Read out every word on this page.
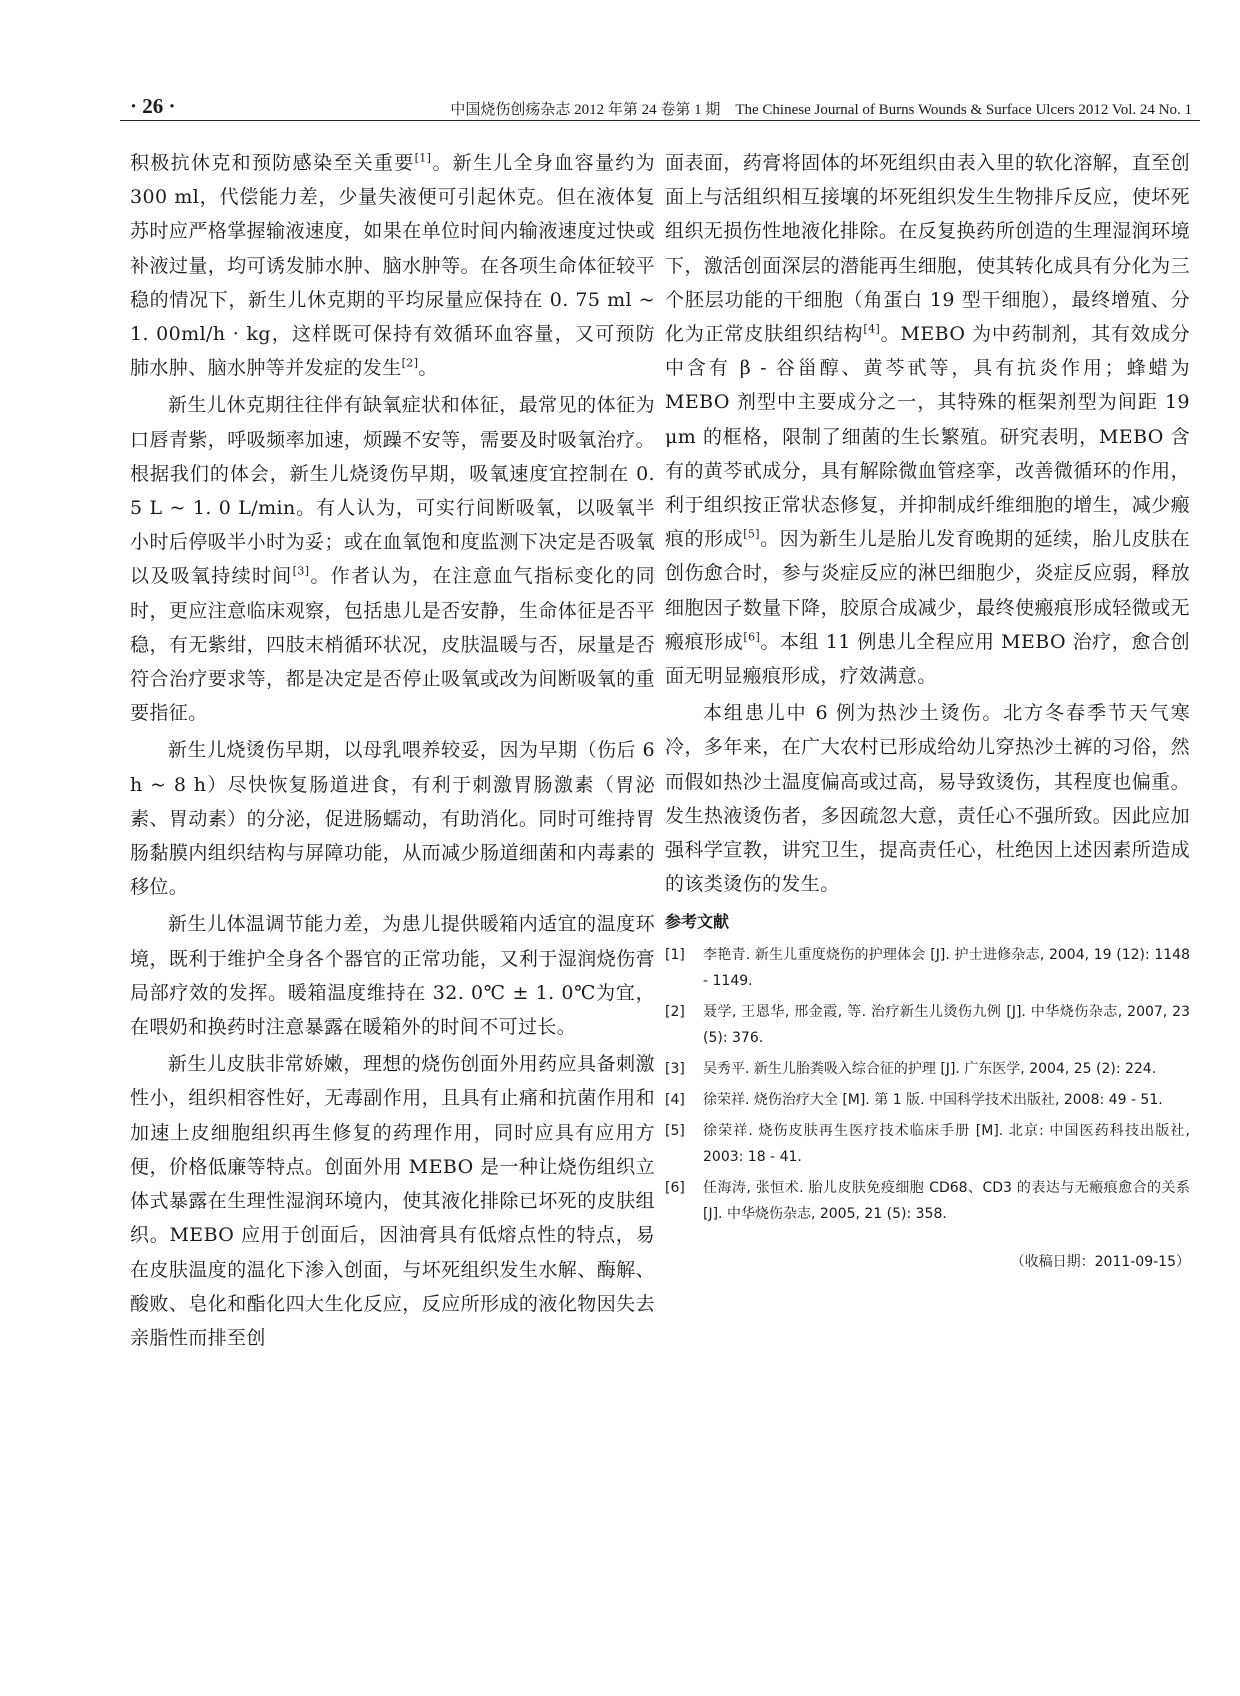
· 26 ·	中国烧伤创疡杂志 2012 年第 24 卷第 1 期　The Chinese Journal of Burns Wounds & Surface Ulcers 2012 Vol. 24 No. 1

积极抗休克和预防感染至关重要[1]。新生儿全身血容量约为 300 ml，代偿能力差，少量失液便可引起休克。但在液体复苏时应严格掌握输液速度，如果在单位时间内输液速度过快或补液过量，均可诱发肺水肿、脑水肿等。在各项生命体征较平稳的情况下，新生儿休克期的平均尿量应保持在 0. 75 ml ~ 1. 00ml/h · kg，这样既可保持有效循环血容量，又可预防肺水肿、脑水肿等并发症的发生[2]。

新生儿休克期往往伴有缺氧症状和体征，最常见的体征为口唇青紫，呼吸频率加速，烦躁不安等，需要及时吸氧治疗。根据我们的体会，新生儿烧烫伤早期，吸氧速度宜控制在 0. 5 L ~ 1. 0 L/min。有人认为，可实行间断吸氧，以吸氧半小时后停吸半小时为妥；或在血氧饱和度监测下决定是否吸氧以及吸氧持续时间[3]。作者认为，在注意血气指标变化的同时，更应注意临床观察，包括患儿是否安静，生命体征是否平稳，有无紫绀，四肢末梢循环状况，皮肤温暖与否，尿量是否符合治疗要求等，都是决定是否停止吸氧或改为间断吸氧的重要指征。

新生儿烧烫伤早期，以母乳喂养较妥，因为早期（伤后 6 h ~ 8 h）尽快恢复肠道进食，有利于刺激胃肠激素（胃泌素、胃动素）的分泌，促进肠蠕动，有助消化。同时可维持胃肠黏膜内组织结构与屏障功能，从而减少肠道细菌和内毒素的移位。

新生儿体温调节能力差，为患儿提供暖箱内适宜的温度环境，既利于维护全身各个器官的正常功能，又利于湿润烧伤膏局部疗效的发挥。暖箱温度维持在 32. 0℃ ± 1. 0℃为宜，在喂奶和换药时注意暴露在暖箱外的时间不可过长。

新生儿皮肤非常娇嫩，理想的烧伤创面外用药应具备刺激性小，组织相容性好，无毒副作用，且具有止痛和抗菌作用和加速上皮细胞组织再生修复的药理作用，同时应具有应用方便，价格低廉等特点。创面外用 MEBO 是一种让烧伤组织立体式暴露在生理性湿润环境内，使其液化排除已坏死的皮肤组织。MEBO 应用于创面后，因油膏具有低熔点性的特点，易在皮肤温度的温化下渗入创面，与坏死组织发生水解、酶解、酸败、皂化和酯化四大生化反应，反应所形成的液化物因失去亲脂性而排至创

面表面，药膏将固体的坏死组织由表入里的软化溶解，直至创面上与活组织相互接壤的坏死组织发生生物排斥反应，使坏死组织无损伤性地液化排除。在反复换药所创造的生理湿润环境下，激活创面深层的潜能再生细胞，使其转化成具有分化为三个胚层功能的干细胞（角蛋白 19 型干细胞），最终增殖、分化为正常皮肤组织结构[4]。MEBO 为中药制剂，其有效成分中含有 β - 谷甾醇、黄芩甙等，具有抗炎作用；蜂蜡为 MEBO 剂型中主要成分之一，其特殊的框架剂型为间距 19 μm 的框格，限制了细菌的生长繁殖。研究表明，MEBO 含有的黄芩甙成分，具有解除微血管痉挛，改善微循环的作用，利于组织按正常状态修复，并抑制成纤维细胞的增生，减少瘢痕的形成[5]。因为新生儿是胎儿发育晚期的延续，胎儿皮肤在创伤愈合时，参与炎症反应的淋巴细胞少，炎症反应弱，释放细胞因子数量下降，胶原合成减少，最终使瘢痕形成轻微或无瘢痕形成[6]。本组 11 例患儿全程应用 MEBO 治疗，愈合创面无明显瘢痕形成，疗效满意。

本组患儿中 6 例为热沙土烫伤。北方冬春季节天气寒冷，多年来，在广大农村已形成给幼儿穿热沙土裤的习俗，然而假如热沙土温度偏高或过高，易导致烫伤，其程度也偏重。发生热液烫伤者，多因疏忽大意，责任心不强所致。因此应加强科学宣教，讲究卫生，提高责任心，杜绝因上述因素所造成的该类烫伤的发生。

参考文献
[1] 李艳青. 新生儿重度烧伤的护理体会 [J]. 护士进修杂志, 2004, 19 (12): 1148 - 1149.
[2] 聂学, 王恩华, 邢金霞, 等. 治疗新生儿烫伤九例 [J]. 中华烧伤杂志, 2007, 23 (5): 376.
[3] 吴秀平. 新生儿胎粪吸入综合征的护理 [J]. 广东医学, 2004, 25 (2): 224.
[4] 徐荣祥. 烧伤治疗大全 [M]. 第 1 版. 中国科学技术出版社, 2008: 49 - 51.
[5] 徐荣祥. 烧伤皮肤再生医疗技术临床手册 [M]. 北京: 中国医药科技出版社, 2003: 18 - 41.
[6] 任海涛, 张恒术. 胎儿皮肤免疫细胞 CD68、CD3 的表达与无瘢痕愈合的关系 [J]. 中华烧伤杂志, 2005, 21 (5): 358.
（收稿日期：2011-09-15）
